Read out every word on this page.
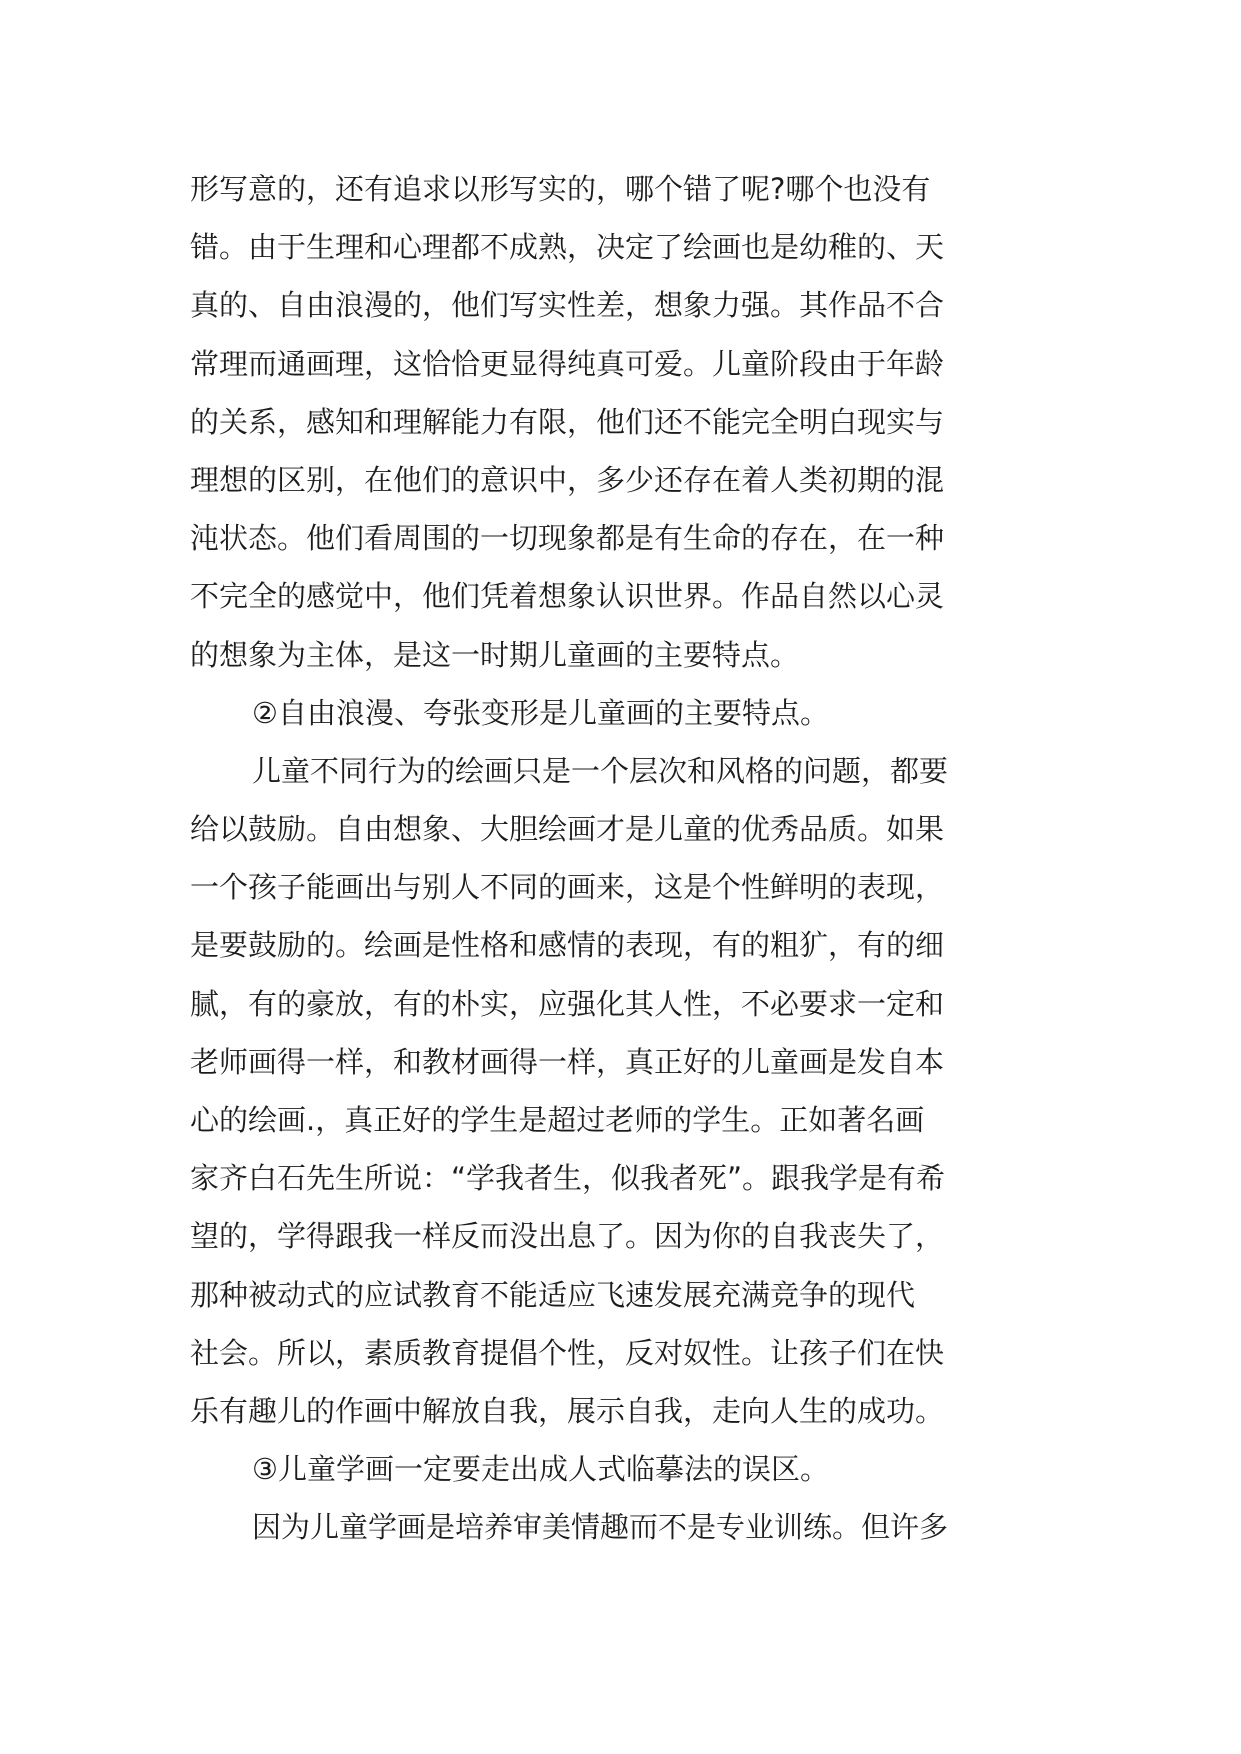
形写意的，还有追求以形写实的，哪个错了呢?哪个也没有
错。由于生理和心理都不成熟，决定了绘画也是幼稚的、天
真的、自由浪漫的，他们写实性差，想象力强。其作品不合
常理而通画理，这恰恰更显得纯真可爱。儿童阶段由于年龄
的关系，感知和理解能力有限，他们还不能完全明白现实与
理想的区别，在他们的意识中，多少还存在着人类初期的混
沌状态。他们看周围的一切现象都是有生命的存在，在一种
不完全的感觉中，他们凭着想象认识世界。作品自然以心灵
的想象为主体，是这一时期儿童画的主要特点。
②自由浪漫、夸张变形是儿童画的主要特点。
儿童不同行为的绘画只是一个层次和风格的问题，都要
给以鼓励。自由想象、大胆绘画才是儿童的优秀品质。如果
一个孩子能画出与别人不同的画来，这是个性鲜明的表现，
是要鼓励的。绘画是性格和感情的表现，有的粗犷，有的细
腻，有的豪放，有的朴实，应强化其人性，不必要求一定和
老师画得一样，和教材画得一样，真正好的儿童画是发自本
心的绘画.，真正好的学生是超过老师的学生。正如著名画
家齐白石先生所说：“学我者生，似我者死”。跟我学是有希
望的，学得跟我一样反而没出息了。因为你的自我丧失了，
那种被动式的应试教育不能适应飞速发展充满竞争的现代
社会。所以，素质教育提倡个性，反对奴性。让孩子们在快
乐有趣儿的作画中解放自我，展示自我，走向人生的成功。
③儿童学画一定要走出成人式临摹法的误区。
因为儿童学画是培养审美情趣而不是专业训练。但许多
